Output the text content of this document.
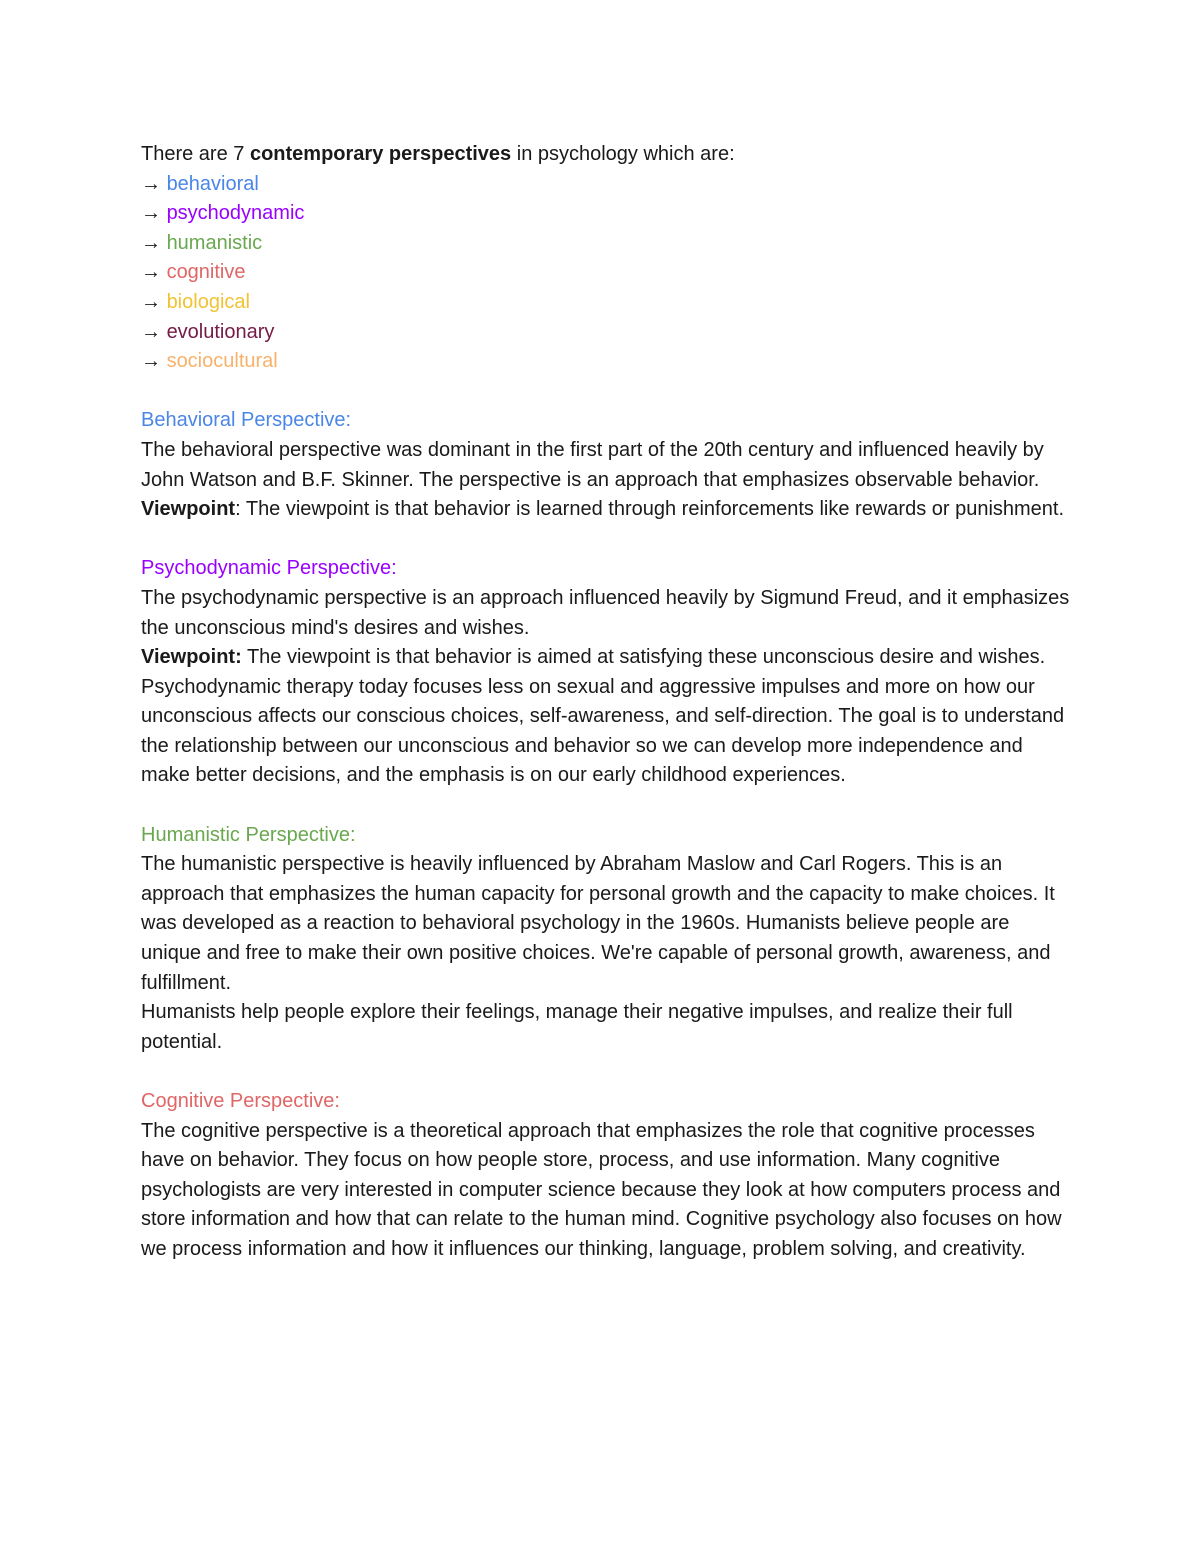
There are 7 contemporary perspectives in psychology which are:

→ behavioral

→ psychodynamic

→ humanistic

→ cognitive

→ biological

→ evolutionary

→ sociocultural

Behavioral Perspective:

The behavioral perspective was dominant in the first part of the 20th century and influenced heavily by John Watson and B.F. Skinner. The perspective is an approach that emphasizes observable behavior.

Viewpoint: The viewpoint is that behavior is learned through reinforcements like rewards or punishment.

Psychodynamic Perspective:

The psychodynamic perspective is an approach influenced heavily by Sigmund Freud, and it emphasizes the unconscious mind's desires and wishes.

Viewpoint: The viewpoint is that behavior is aimed at satisfying these unconscious desire and wishes.

Psychodynamic therapy today focuses less on sexual and aggressive impulses and more on how our unconscious affects our conscious choices, self-awareness, and self-direction. The goal is to understand the relationship between our unconscious and behavior so we can develop more independence and make better decisions, and the emphasis is on our early childhood experiences.

Humanistic Perspective:

The humanistic perspective is heavily influenced by Abraham Maslow and Carl Rogers. This is an approach that emphasizes the human capacity for personal growth and the capacity to make choices. It was developed as a reaction to behavioral psychology in the 1960s. Humanists believe people are unique and free to make their own positive choices. We're capable of personal growth, awareness, and fulfillment.

Humanists help people explore their feelings, manage their negative impulses, and realize their full potential.

Cognitive Perspective:

The cognitive perspective is a theoretical approach that emphasizes the role that cognitive processes have on behavior. They focus on how people store, process, and use information. Many cognitive psychologists are very interested in computer science because they look at how computers process and store information and how that can relate to the human mind. Cognitive psychology also focuses on how we process information and how it influences our thinking, language, problem solving, and creativity.
